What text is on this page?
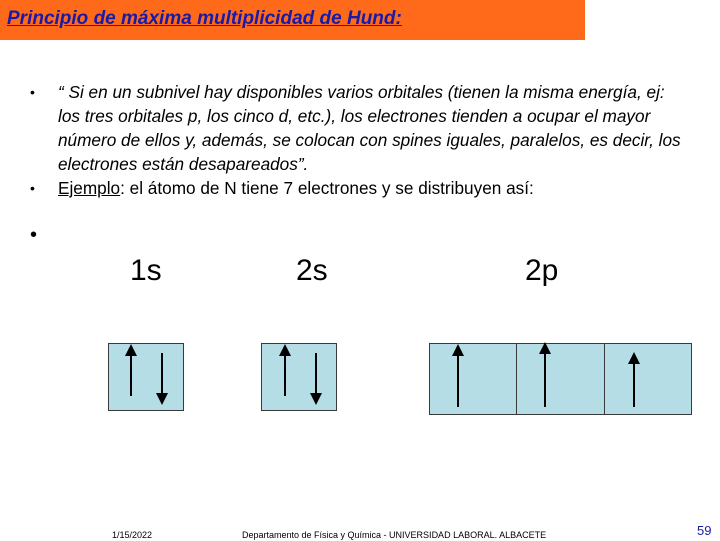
Principio de máxima multiplicidad de Hund:
• “ Si en un subnivel hay disponibles varios orbitales (tienen la misma energía, ej: los tres orbitales p, los cinco d, etc.), los electrones tienden a ocupar el mayor número de ellos y, además, se colocan con spines iguales, paralelos, es decir, los electrones están desapareados”.
• Ejemplo: el átomo de N tiene 7 electrones y se distribuyen así:
•
1s	2s	2p
1/15/2022	Departamento de Física y Química - UNIVERSIDAD LABORAL. ALBACETE	59
